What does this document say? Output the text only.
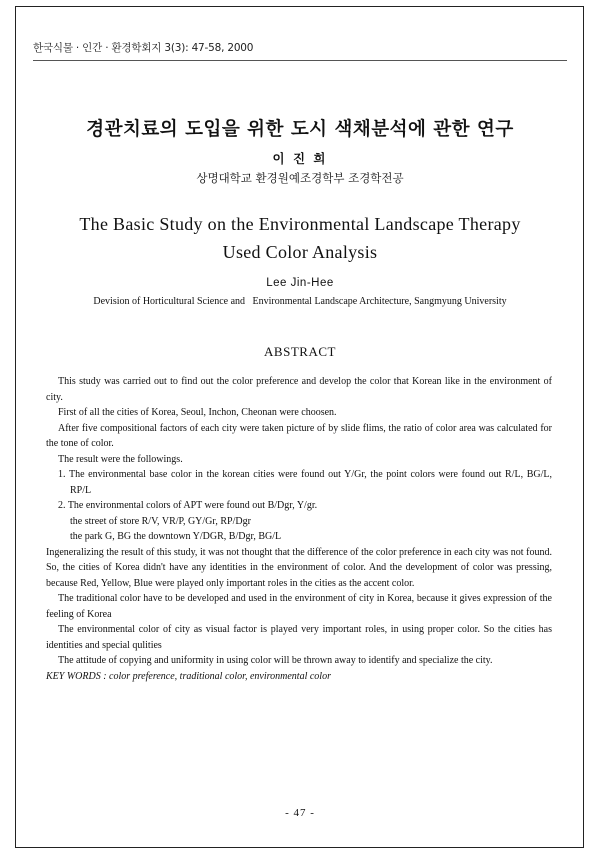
한국식물 · 인간 · 환경학회지 3(3): 47-58, 2000
경관치료의 도입을 위한 도시 색채분석에 관한 연구
이 진 희
상명대학교 환경원예조경학부 조경학전공
The Basic Study on the Environmental Landscape Therapy
Used Color Analysis
Lee Jin-Hee
Devision of Horticultural Science and   Environmental Landscape Architecture, Sangmyung University
ABSTRACT

This study was carried out to find out the color preference and develop the color that Korean like in the environment of city.

First of all the cities of Korea, Seoul, Inchon, Cheonan were choosen.

After five compositional factors of each city were taken picture of by slide flims, the ratio of color area was calculated for the tone of color.

The result were the followings.

1. The environmental base color in the korean cities were found out Y/Gr, the point colors were found out R/L, BG/L, RP/L

2. The environmental colors of APT were found out B/Dgr, Y/gr.

the street of store R/V, VR/P, GY/Gr, RP/Dgr

the park G, BG the downtown Y/DGR, B/Dgr, BG/L

Ingeneralizing the result of this study, it was not thought that the difference of the color preference in each city was not found. So, the cities of Korea didn't have any identities in the environment of color. And the development of color was pressing, because Red, Yellow, Blue were played only important roles in the cities as the accent color.

The traditional color have to be developed and used in the environment of city in Korea, because it gives expression of the feeling of Korea

The environmental color of city as visual factor is played very important roles, in using proper color. So the cities has identities and special qulities

The attitude of copying and uniformity in using color will be thrown away to identify and specialize the city.

KEY WORDS : color preference, traditional color, environmental color

- 47 -
